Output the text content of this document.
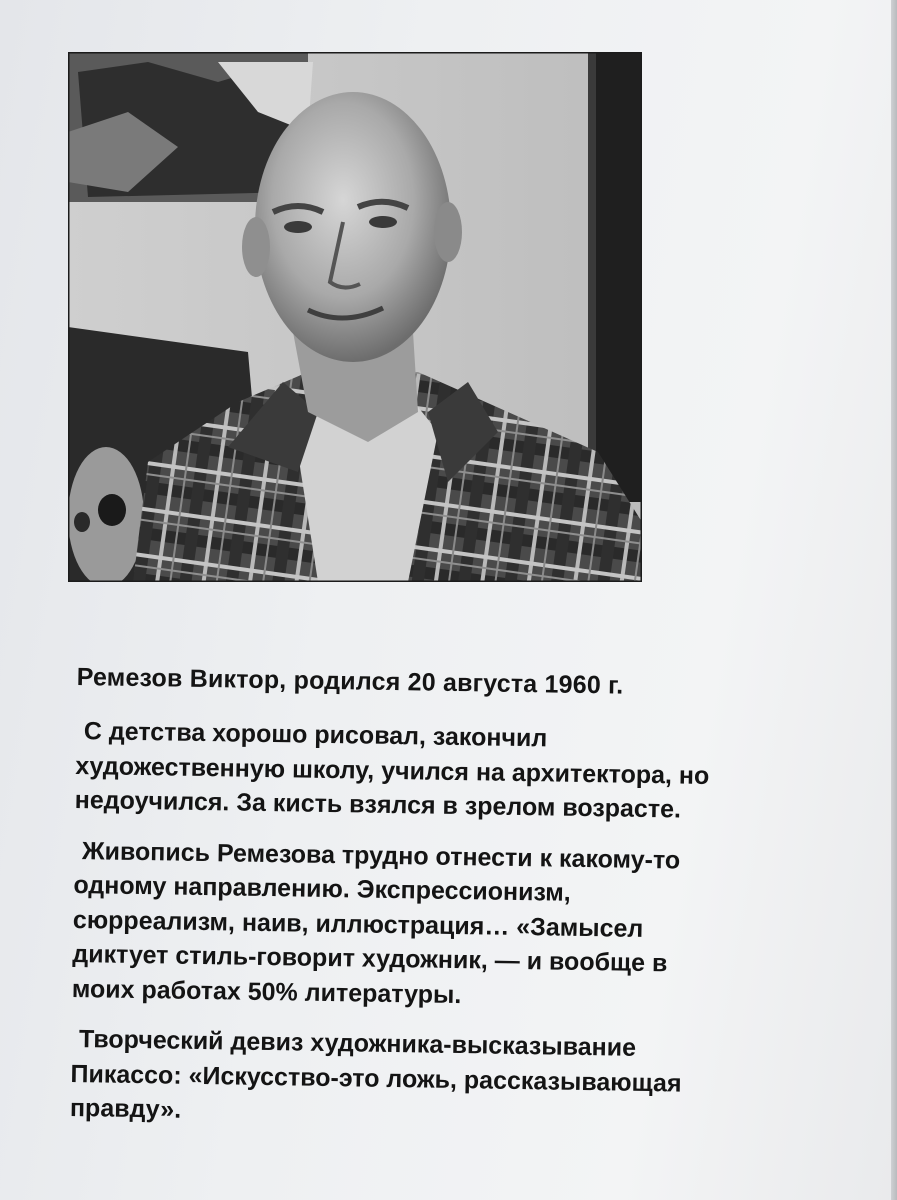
Ремезов Виктор, родился 20 августа 1960 г.
С детства хорошо рисовал, закончил
художественную школу, учился на архитектора, но
недоучился. За кисть взялся в зрелом возрасте.
Живопись Ремезова трудно отнести к какому-то
одному направлению. Экспрессионизм,
сюрреализм, наив, иллюстрация… «Замысел
диктует стиль-говорит художник, — и вообще в
моих работах 50% литературы.
Творческий девиз художника-высказывание
Пикассо: «Искусство-это ложь, рассказывающая
правду».
